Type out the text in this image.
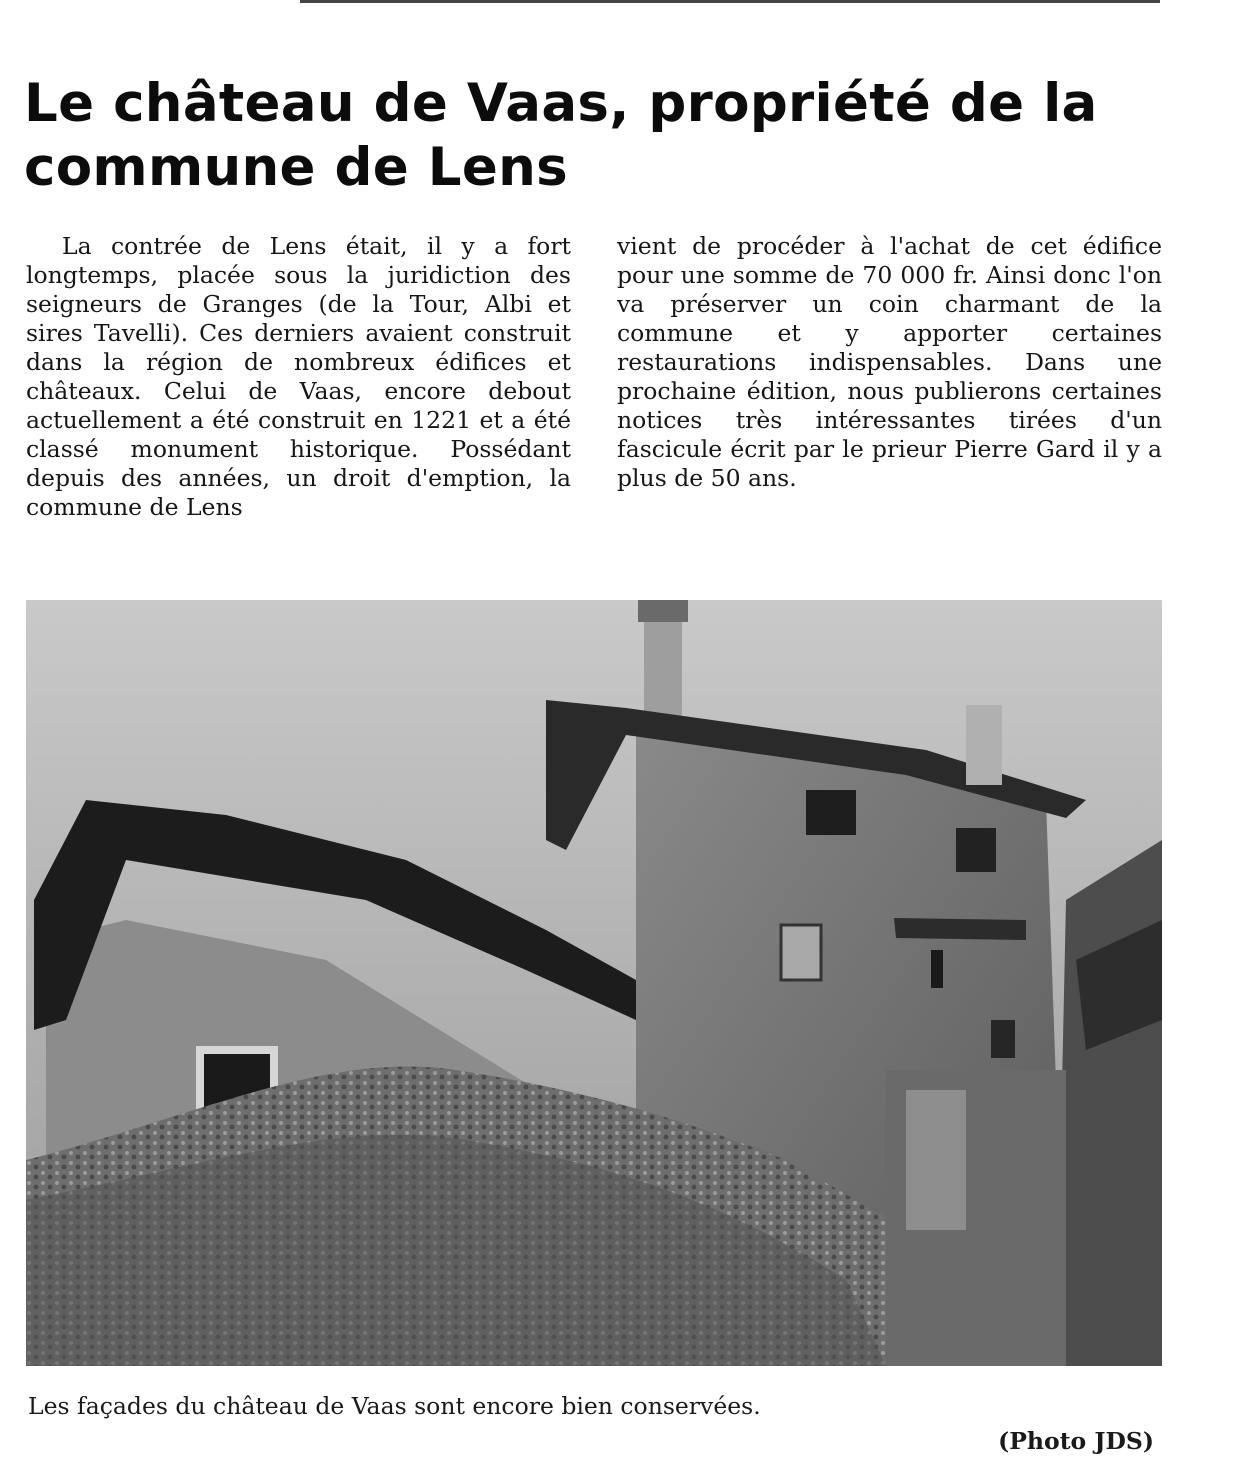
Le château de Vaas, propriété de la commune de Lens

La contrée de Lens était, il y a fort longtemps, placée sous la juridiction des seigneurs de Granges (de la Tour, Albi et sires Tavelli). Ces derniers avaient construit dans la région de nombreux édifices et châteaux. Celui de Vaas, encore debout actuellement a été construit en 1221 et a été classé monument historique. Possédant depuis des années, un droit d'emption, la commune de Lens

vient de procéder à l'achat de cet édifice pour une somme de 70 000 fr. Ainsi donc l'on va préserver un coin charmant de la commune et y apporter certaines restaurations indispensables. Dans une prochaine édition, nous publierons certaines notices très intéressantes tirées d'un fascicule écrit par le prieur Pierre Gard il y a plus de 50 ans.

Les façades du château de Vaas sont encore bien conservées.
(Photo JDS)
